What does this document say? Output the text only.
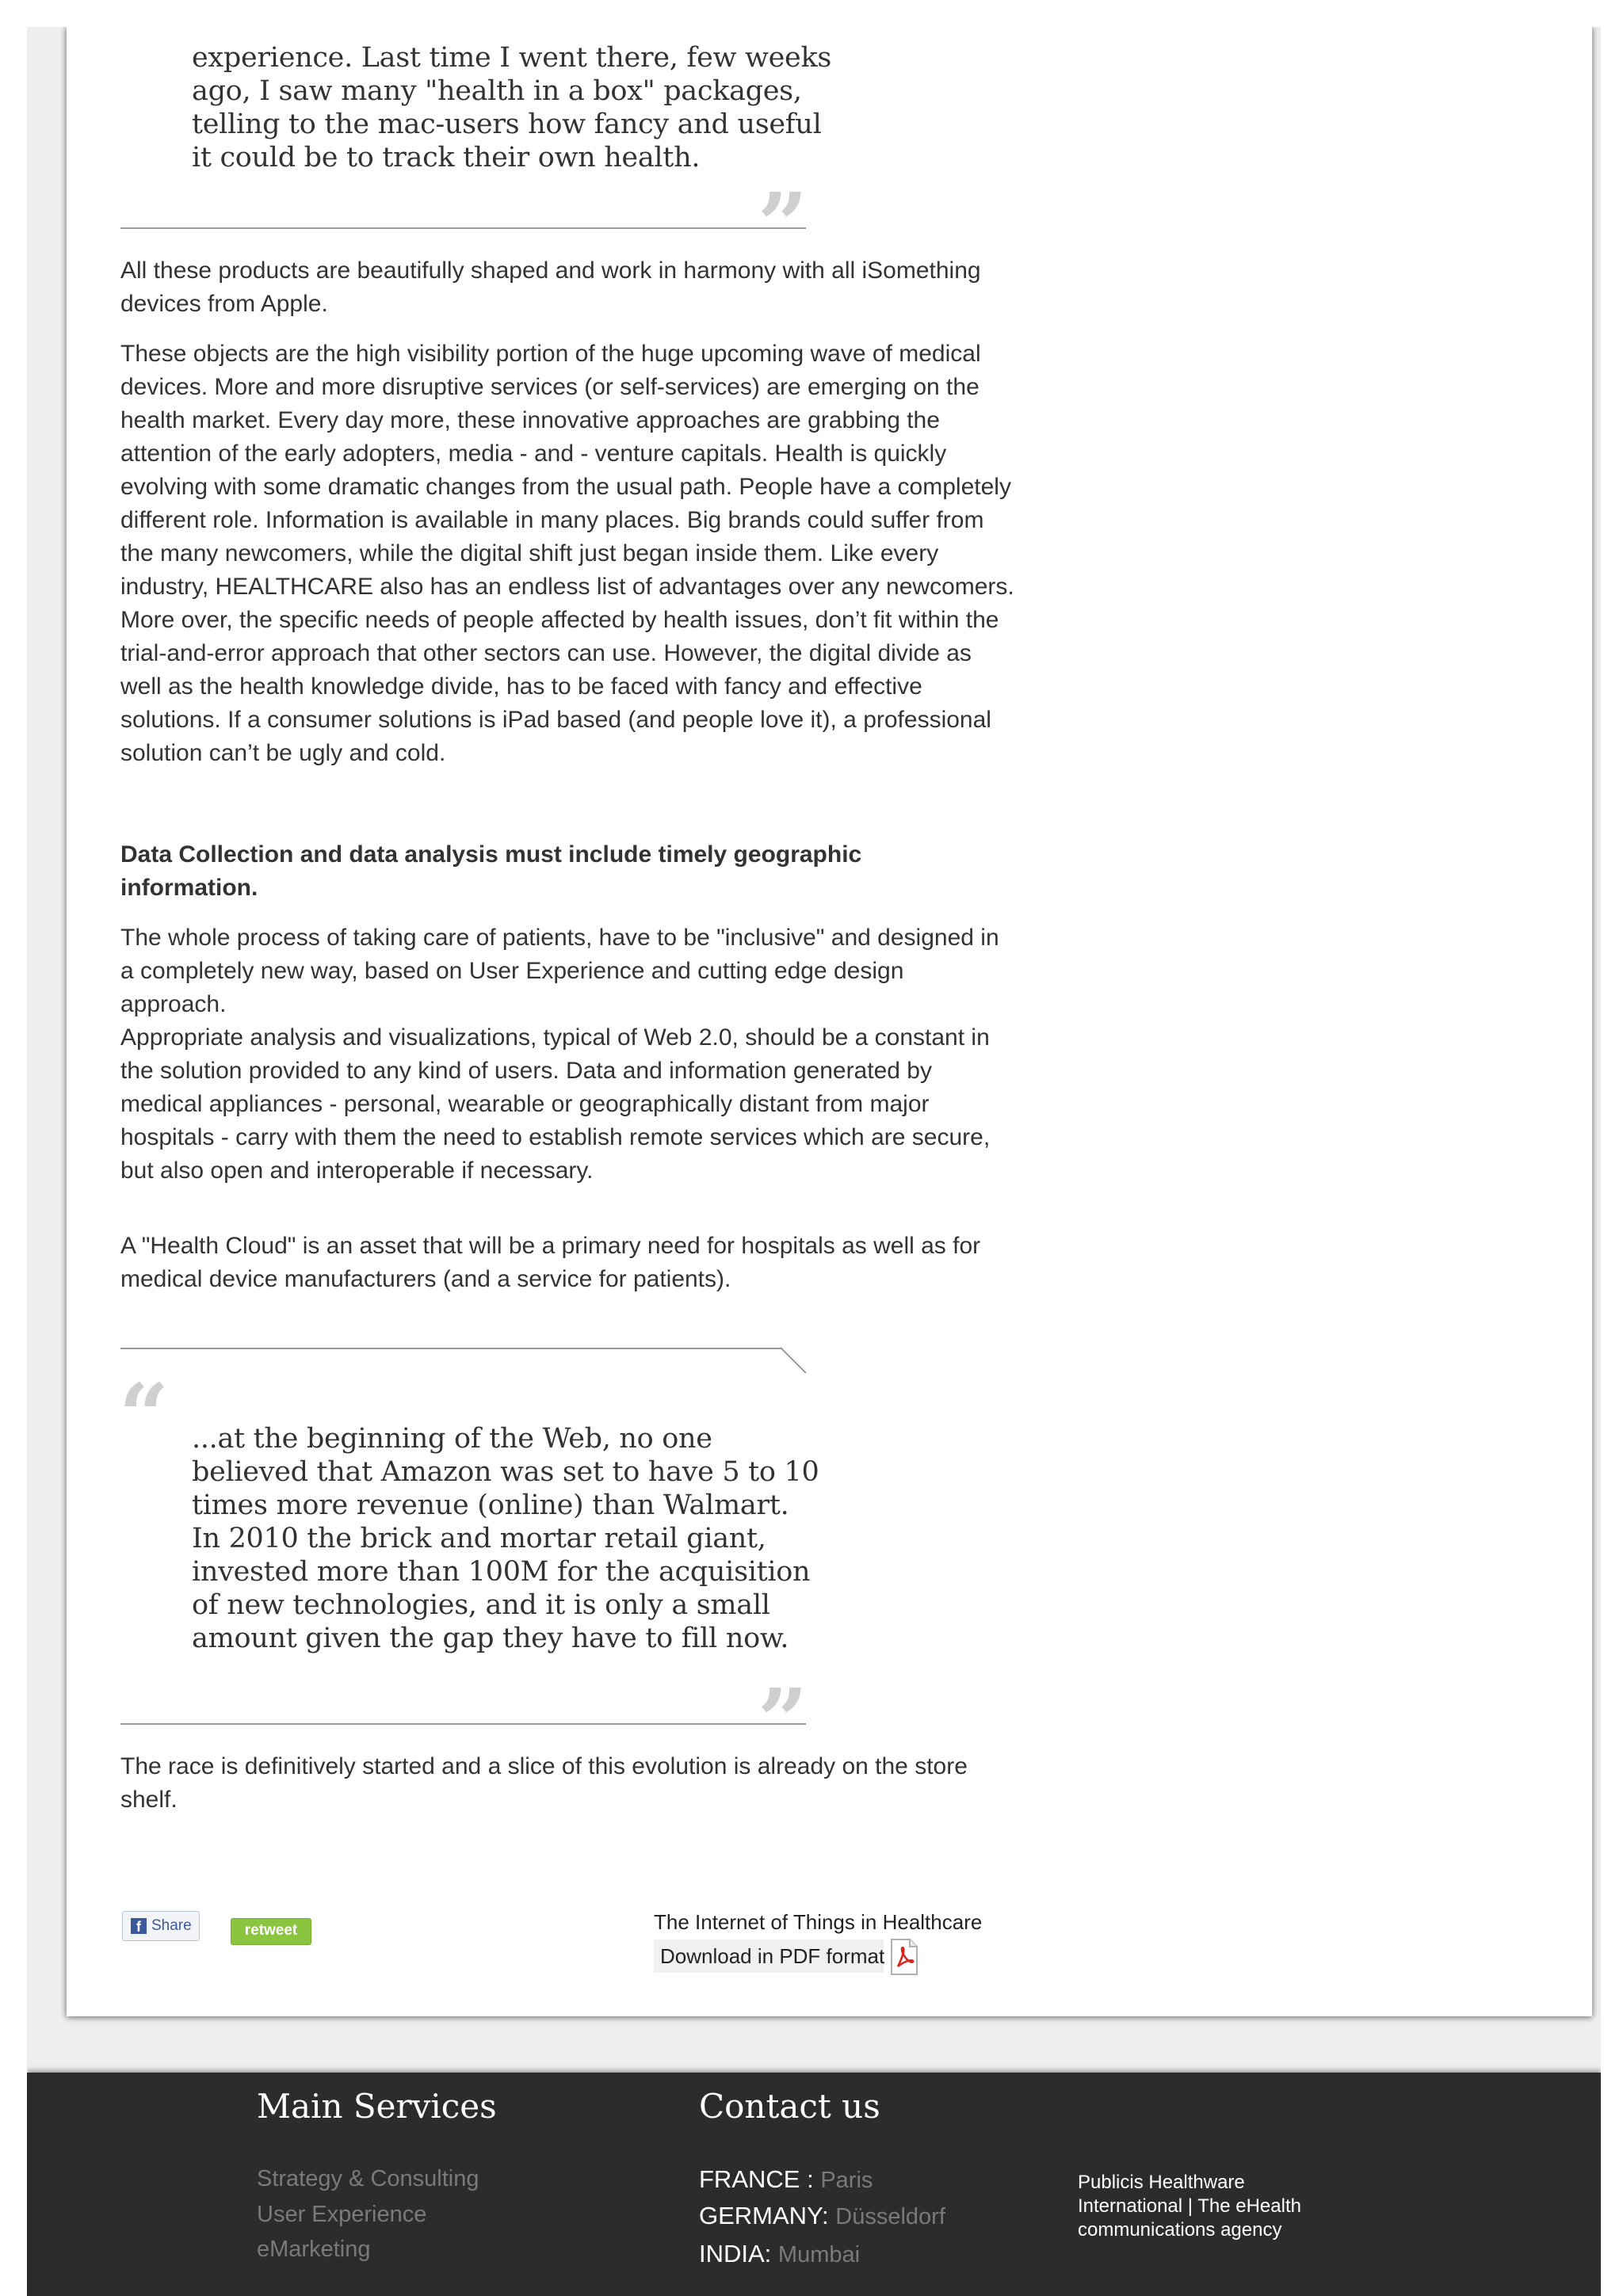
experience. Last time I went there, few weeks
ago, I saw many "health in a box" packages,
telling to the mac-users how fancy and useful
it could be to track their own health.
”
All these products are beautifully shaped and work in harmony with all iSomething
devices from Apple.
These objects are the high visibility portion of the huge upcoming wave of medical
devices. More and more disruptive services (or self-services) are emerging on the
health market. Every day more, these innovative approaches are grabbing the
attention of the early adopters, media - and - venture capitals. Health is quickly
evolving with some dramatic changes from the usual path. People have a completely
different role. Information is available in many places. Big brands could suffer from
the many newcomers, while the digital shift just began inside them. Like every
industry, HEALTHCARE also has an endless list of advantages over any newcomers.
More over, the specific needs of people affected by health issues, don’t fit within the
trial-and-error approach that other sectors can use. However, the digital divide as
well as the health knowledge divide, has to be faced with fancy and effective
solutions. If a consumer solutions is iPad based (and people love it), a professional
solution can’t be ugly and cold.
Data Collection and data analysis must include timely geographic
information.
The whole process of taking care of patients, have to be "inclusive" and designed in
a completely new way, based on User Experience and cutting edge design
approach.
Appropriate analysis and visualizations, typical of Web 2.0, should be a constant in
the solution provided to any kind of users. Data and information generated by
medical appliances - personal, wearable or geographically distant from major
hospitals - carry with them the need to establish remote services which are secure,
but also open and interoperable if necessary.
A "Health Cloud" is an asset that will be a primary need for hospitals as well as for
medical device manufacturers (and a service for patients).
“ ...at the beginning of the Web, no one
believed that Amazon was set to have 5 to 10
times more revenue (online) than Walmart.
In 2010 the brick and mortar retail giant,
invested more than 100M for the acquisition
of new technologies, and it is only a small
amount given the gap they have to fill now.
”
The race is definitively started and a slice of this evolution is already on the store
shelf.
f Share	retweet	The Internet of Things in Healthcare
Download in PDF format
Main Services
Strategy & Consulting
User Experience
eMarketing
Contact us
FRANCE : Paris
GERMANY: Düsseldorf
INDIA: Mumbai
Publicis Healthware
International | The eHealth
communications agency
